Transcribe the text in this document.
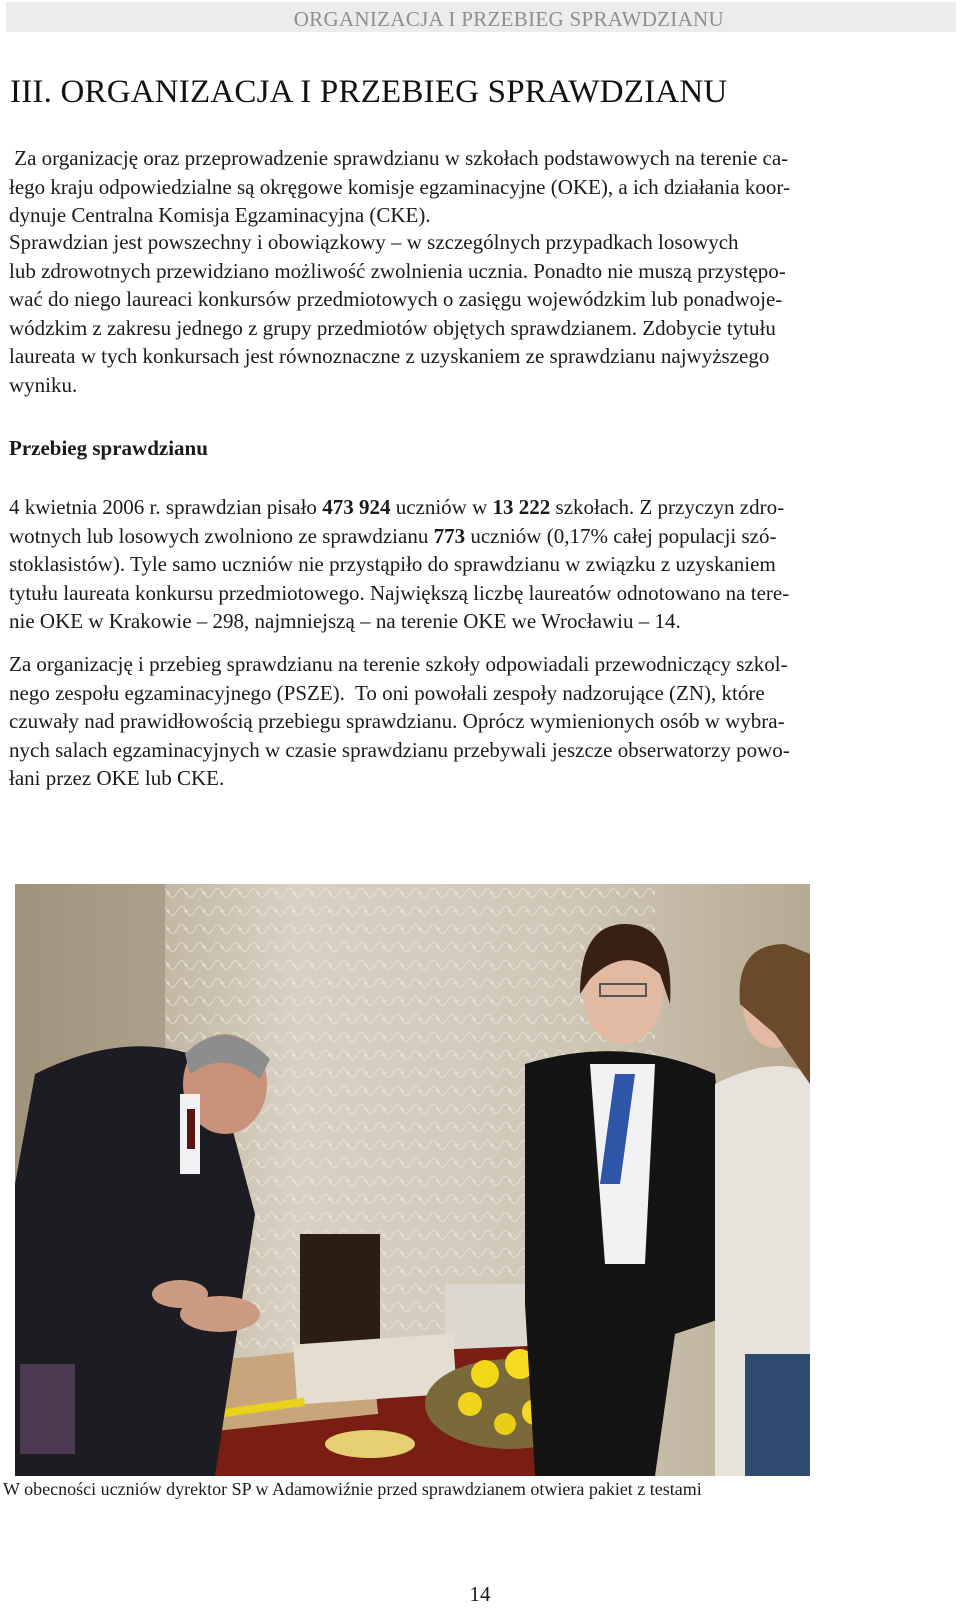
ORGANIZACJA I PRZEBIEG SPRAWDZIANU
III. ORGANIZACJA I PRZEBIEG SPRAWDZIANU

Za organizację oraz przeprowadzenie sprawdzianu w szkołach podstawowych na terenie ca-
łego kraju odpowiedzialne są okręgowe komisje egzaminacyjne (OKE), a ich działania koor-
dynuje Centralna Komisja Egzaminacyjna (CKE).

Sprawdzian jest powszechny i obowiązkowy – w szczególnych przypadkach losowych
lub zdrowotnych przewidziano możliwość zwolnienia ucznia. Ponadto nie muszą przystępo-
wać do niego laureaci konkursów przedmiotowych o zasięgu wojewódzkim lub ponadwoje-
wódzkim z zakresu jednego z grupy przedmiotów objętych sprawdzianem. Zdobycie tytułu
laureata w tych konkursach jest równoznaczne z uzyskaniem ze sprawdzianu najwyższego
wyniku.

Przebieg sprawdzianu

4 kwietnia 2006 r. sprawdzian pisało 473 924 uczniów w 13 222 szkołach. Z przyczyn zdro-
wotnych lub losowych zwolniono ze sprawdzianu 773 uczniów (0,17% całej populacji szó-
stoklasistów). Tyle samo uczniów nie przystąpiło do sprawdzianu w związku z uzyskaniem
tytułu laureata konkursu przedmiotowego. Największą liczbę laureatów odnotowano na tere-
nie OKE w Krakowie – 298, najmniejszą – na terenie OKE we Wrocławiu – 14.

Za organizację i przebieg sprawdzianu na terenie szkoły odpowiadali przewodniczący szkol-
nego zespołu egzaminacyjnego (PSZE).  To oni powołali zespoły nadzorujące (ZN), które
czuwały nad prawidłowością przebiegu sprawdzianu. Oprócz wymienionych osób w wybra-
nych salach egzaminacyjnych w czasie sprawdzianu przebywali jeszcze obserwatorzy powo-
łani przez OKE lub CKE.

W obecności uczniów dyrektor SP w Adamowiźnie przed sprawdzianem otwiera pakiet z testami
14
